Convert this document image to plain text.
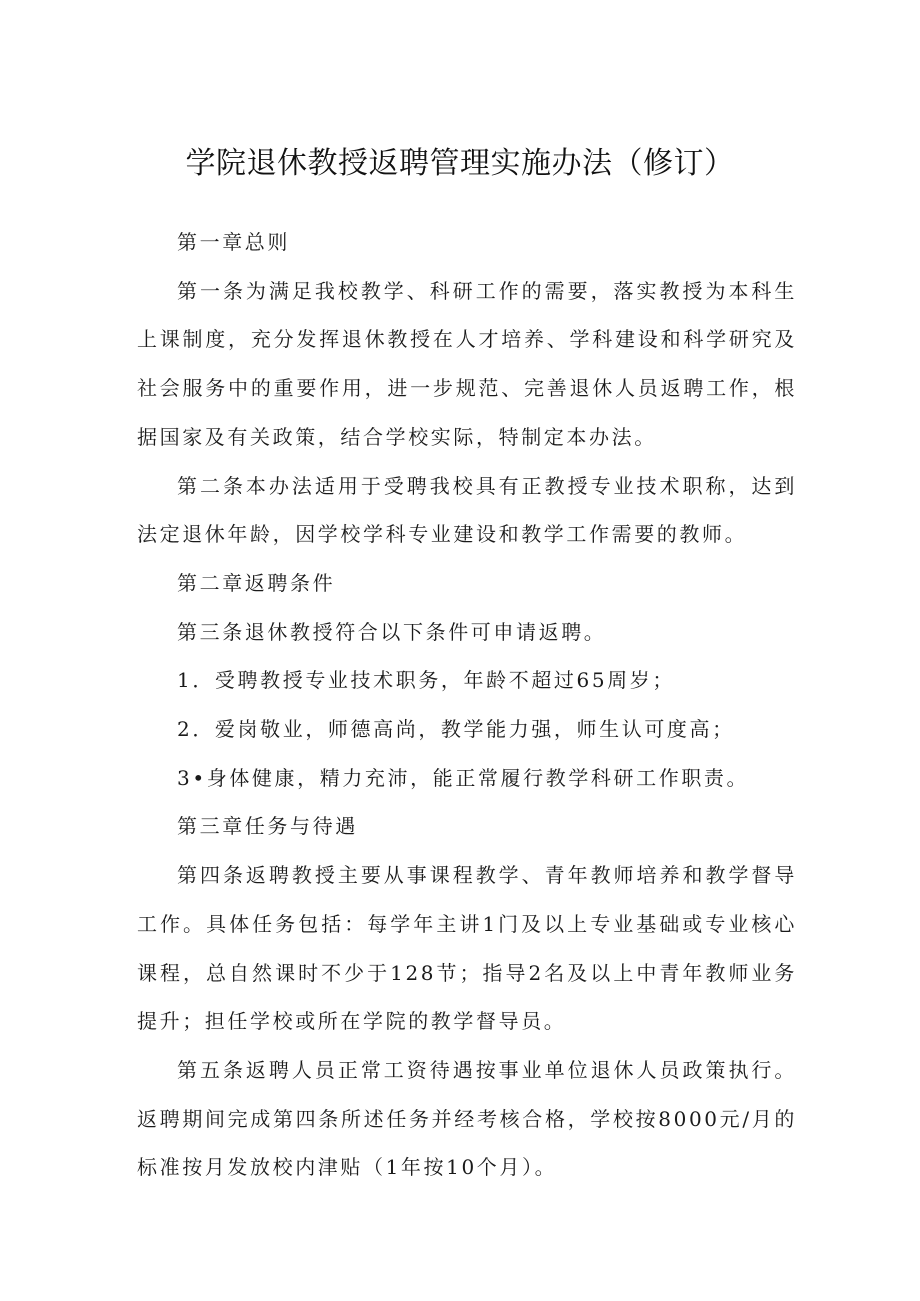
学院退休教授返聘管理实施办法（修订）

第一章总则

第一条为满足我校教学、科研工作的需要，落实教授为本科生上课制度，充分发挥退休教授在人才培养、学科建设和科学研究及社会服务中的重要作用，进一步规范、完善退休人员返聘工作，根据国家及有关政策，结合学校实际，特制定本办法。

第二条本办法适用于受聘我校具有正教授专业技术职称，达到法定退休年龄，因学校学科专业建设和教学工作需要的教师。

第二章返聘条件

第三条退休教授符合以下条件可申请返聘。

1．受聘教授专业技术职务，年龄不超过65周岁；

2．爱岗敬业，师德高尚，教学能力强，师生认可度高；

3•身体健康，精力充沛，能正常履行教学科研工作职责。

第三章任务与待遇

第四条返聘教授主要从事课程教学、青年教师培养和教学督导工作。具体任务包括：每学年主讲1门及以上专业基础或专业核心课程，总自然课时不少于128节；指导2名及以上中青年教师业务提升；担任学校或所在学院的教学督导员。

第五条返聘人员正常工资待遇按事业单位退休人员政策执行。返聘期间完成第四条所述任务并经考核合格，学校按8000元/月的标准按月发放校内津贴（1年按10个月）。
